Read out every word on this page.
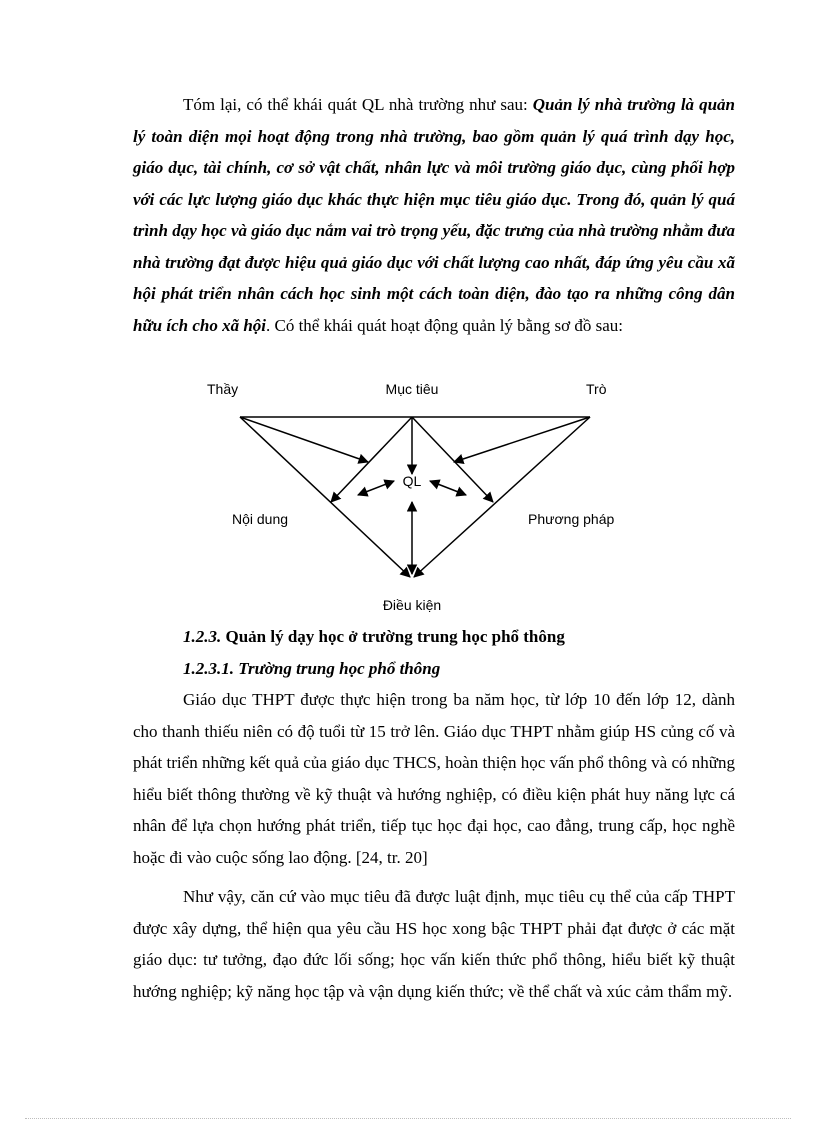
Tóm lại, có thể khái quát QL nhà trường như sau: Quản lý nhà trường là quản lý toàn diện mọi hoạt động trong nhà trường, bao gồm quản lý quá trình dạy học, giáo dục, tài chính, cơ sở vật chất, nhân lực và môi trường giáo dục, cùng phối hợp với các lực lượng giáo dục khác thực hiện mục tiêu giáo dục. Trong đó, quản lý quá trình dạy học và giáo dục nắm vai trò trọng yếu, đặc trưng của nhà trường nhằm đưa nhà trường đạt được hiệu quả giáo dục với chất lượng cao nhất, đáp ứng yêu cầu xã hội phát triển nhân cách học sinh một cách toàn diện, đào tạo ra những công dân hữu ích cho xã hội. Có thể khái quát hoạt động quản lý bằng sơ đồ sau:

Thầy	Mục tiêu	Trò
QL
Nội dung	Phương pháp
Điều kiện

1.2.3. Quản lý dạy học ở trường trung học phổ thông

1.2.3.1. Trường trung học phổ thông

Giáo dục THPT được thực hiện trong ba năm học, từ lớp 10 đến lớp 12, dành cho thanh thiếu niên có độ tuổi từ 15 trở lên. Giáo dục THPT nhằm giúp HS củng cố và phát triển những kết quả của giáo dục THCS, hoàn thiện học vấn phổ thông và có những hiểu biết thông thường về kỹ thuật và hướng nghiệp, có điều kiện phát huy năng lực cá nhân để lựa chọn hướng phát triển, tiếp tục học đại học, cao đẳng, trung cấp, học nghề hoặc đi vào cuộc sống lao động. [24, tr. 20]

Như vậy, căn cứ vào mục tiêu đã được luật định, mục tiêu cụ thể của cấp THPT được xây dựng, thể hiện qua yêu cầu HS học xong bậc THPT phải đạt được ở các mặt giáo dục: tư tưởng, đạo đức lối sống; học vấn kiến thức phổ thông, hiểu biết kỹ thuật hướng nghiệp; kỹ năng học tập và vận dụng kiến thức; về thể chất và xúc cảm thẩm mỹ.
